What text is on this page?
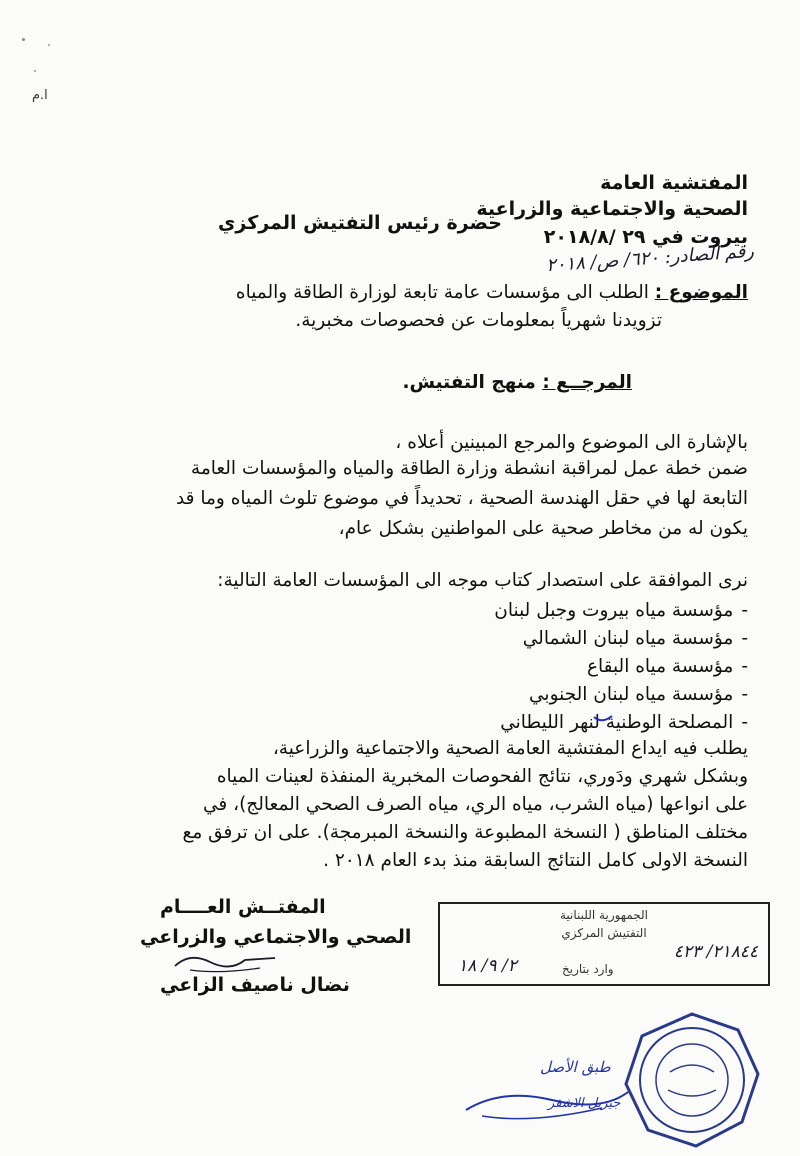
ا.م
المفتشية العامة
الصحية والاجتماعية والزراعية
بيروت في ٢٩ /٢٠١٨/٨
حضرة رئيس التفتيش المركزي
رقم الصادر: ٦٢٠/ ص/ ٢٠١٨
الموضوع : الطلب الى مؤسسات عامة تابعة لوزارة الطاقة والمياه
تزويدنا شهرياً بمعلومات عن فحصوصات مخبرية.
المرجــع : منهج التفتيش.
بالإشارة الى الموضوع والمرجع المبينين أعلاه ،
ضمن خطة عمل لمراقبة انشطة وزارة الطاقة والمياه والمؤسسات العامة
التابعة لها في حقل الهندسة الصحية ، تحديداً في موضوع تلوث المياه وما قد
يكون له من مخاطر صحية على المواطنين بشكل عام،
نرى الموافقة على استصدار كتاب موجه الى المؤسسات العامة التالية:
-مؤسسة مياه بيروت وجبل لبنان
-مؤسسة مياه لبنان الشمالي
-مؤسسة مياه البقاع
-مؤسسة مياه لبنان الجنوبي
-المصلحة الوطنية لنهر الليطاني
يطلب فيه ايداع المفتشية العامة الصحية والاجتماعية والزراعية،
وبشكل شهري ودَوري، نتائج الفحوصات المخبرية المنفذة لعينات المياه
على انواعها (مياه الشرب، مياه الري، مياه الصرف الصحي المعالج)، في
مختلف المناطق ( النسخة المطبوعة والنسخة المبرمجة). على ان ترفق مع
النسخة الاولى كامل النتائج السابقة منذ بدء العام ٢٠١٨ .
المفتــش العــــام
الصحي والاجتماعي والزراعي
نضال ناصيف الزاعي
الجمهورية اللبنانية
التفتيش المركزي
٢١٨٤٤/ ٤٢٣
وارد بتاريخ
٢/ ٩/ ١٨
طبق الأصل
جيزيل الاشقر
